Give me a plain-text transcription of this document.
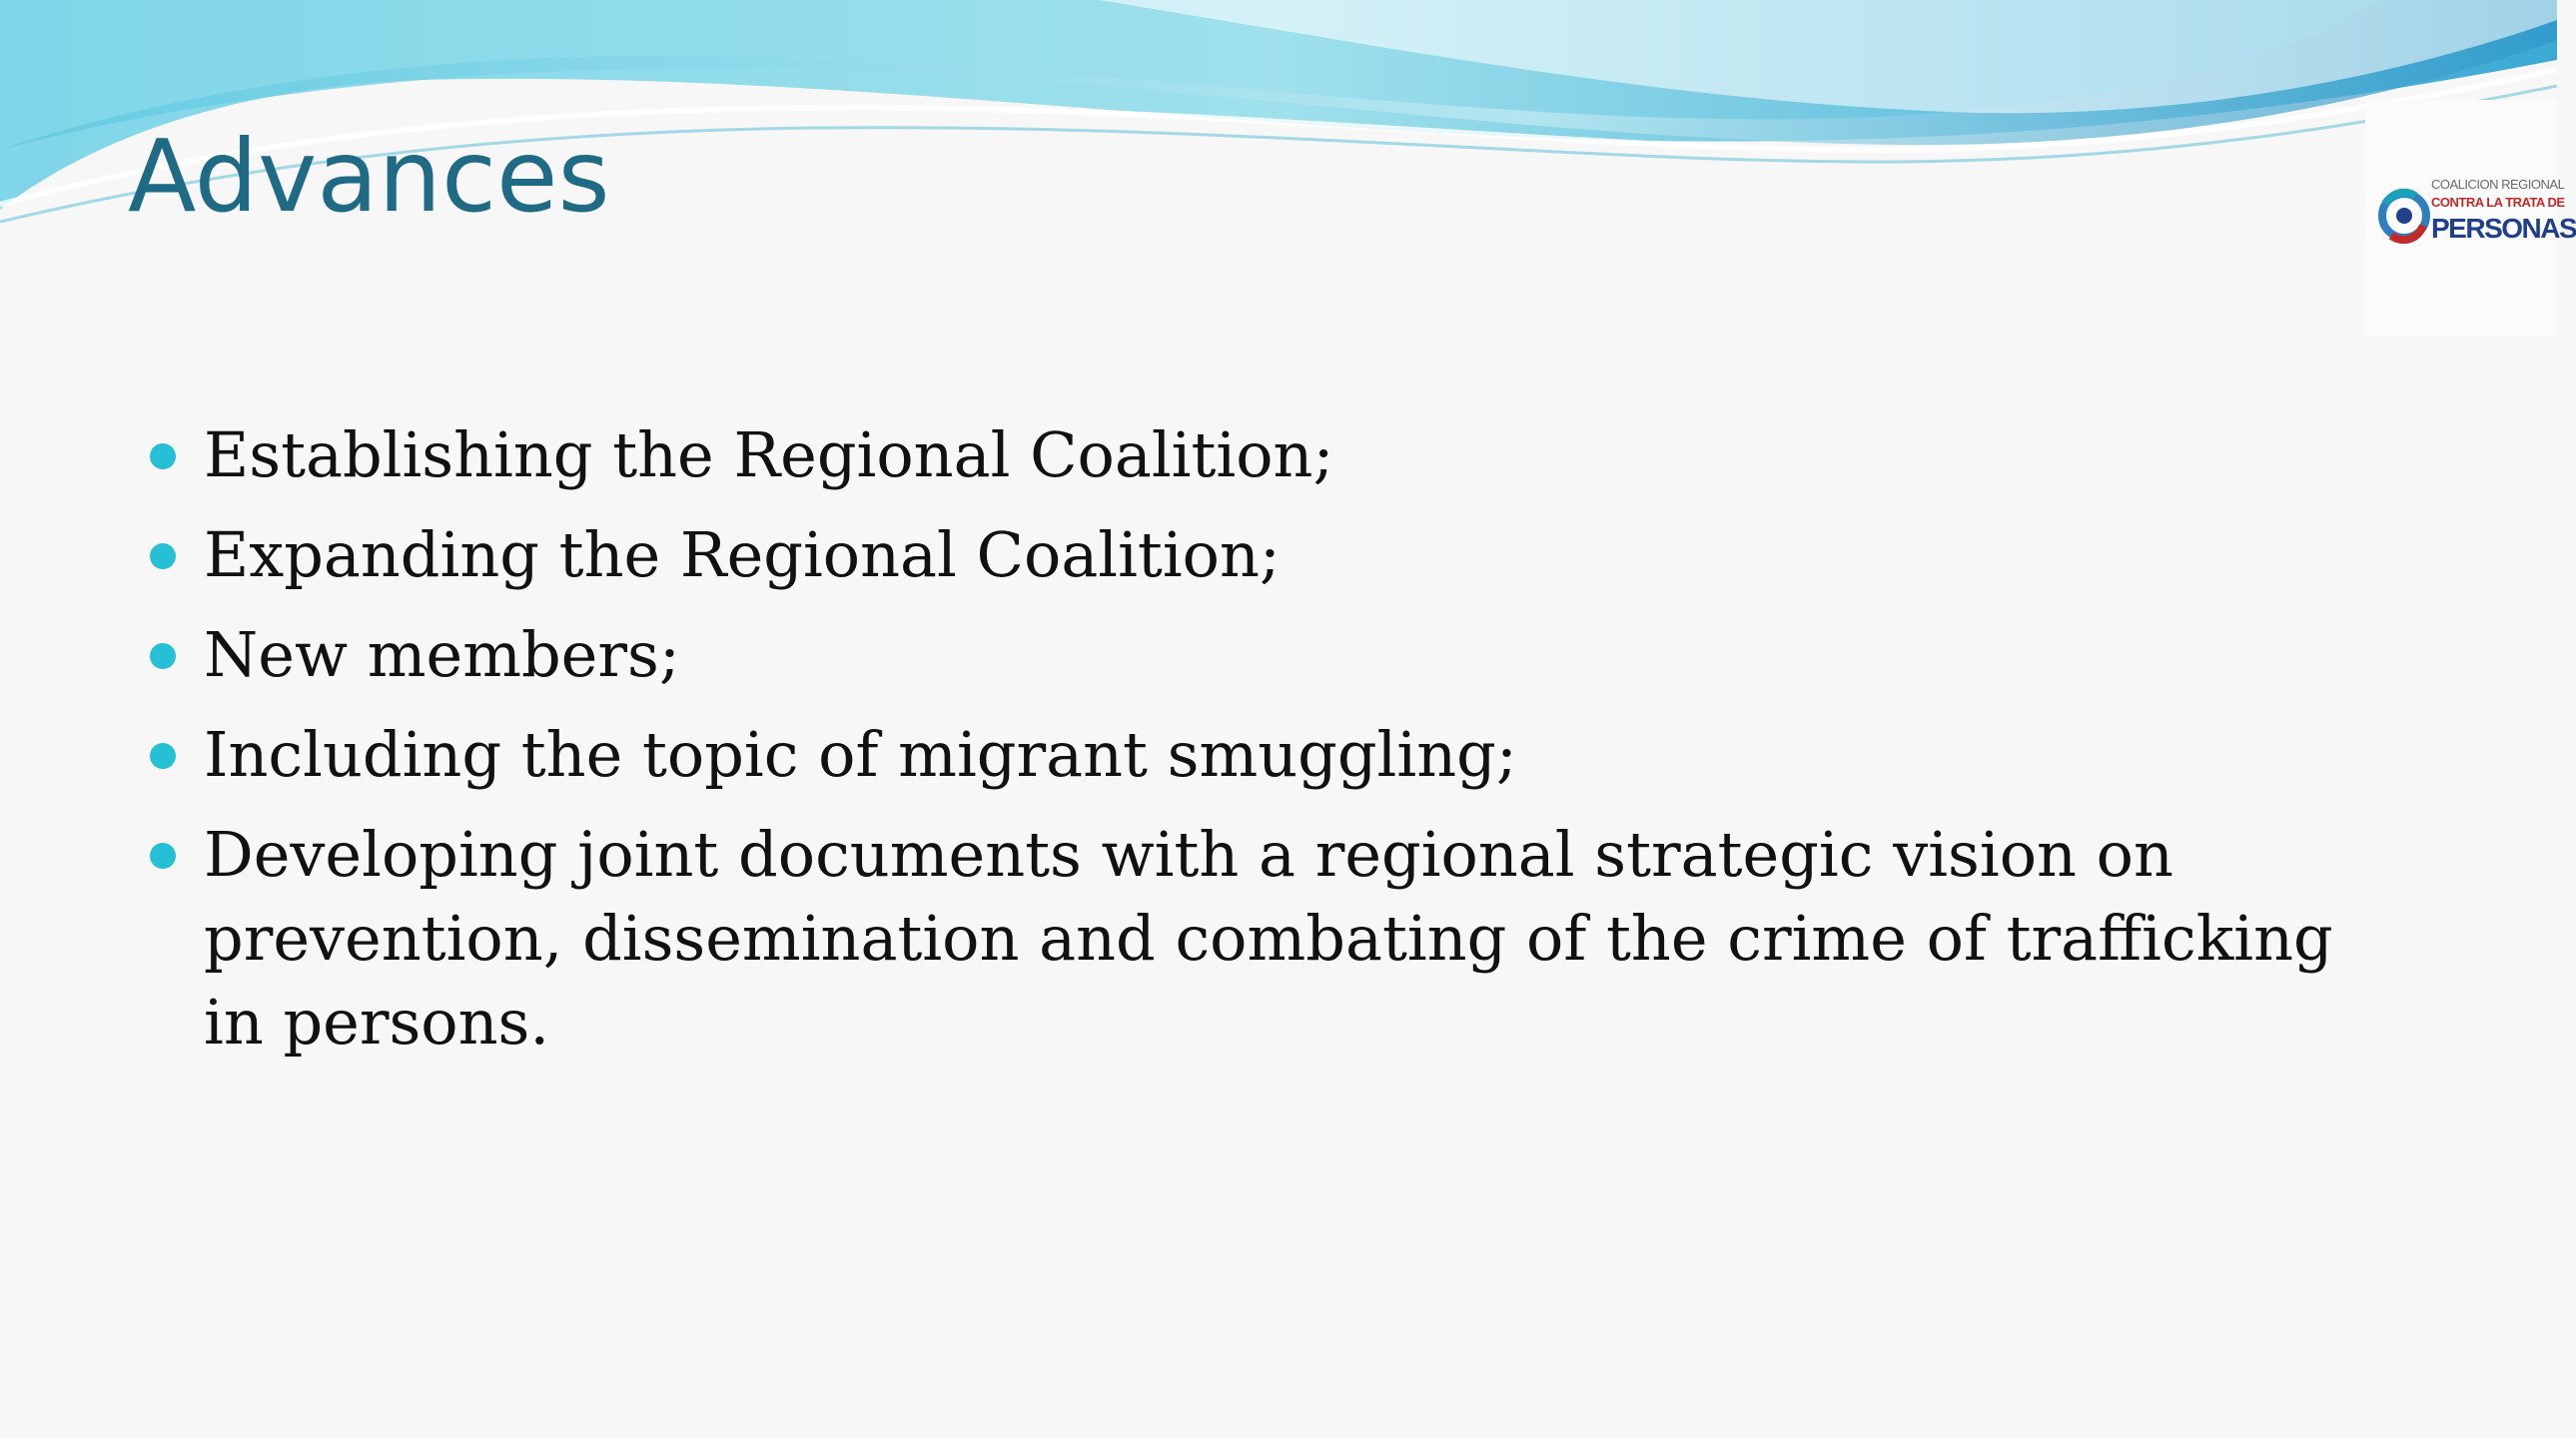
Advances	COALICION REGIONAL
CONTRA LA TRATA DE
PERSONAS
Establishing the Regional Coalition;
Expanding the Regional Coalition;
New members;
Including the topic of migrant smuggling;
Developing joint documents with a regional strategic vision on prevention, dissemination and combating of the crime of trafficking in persons.
